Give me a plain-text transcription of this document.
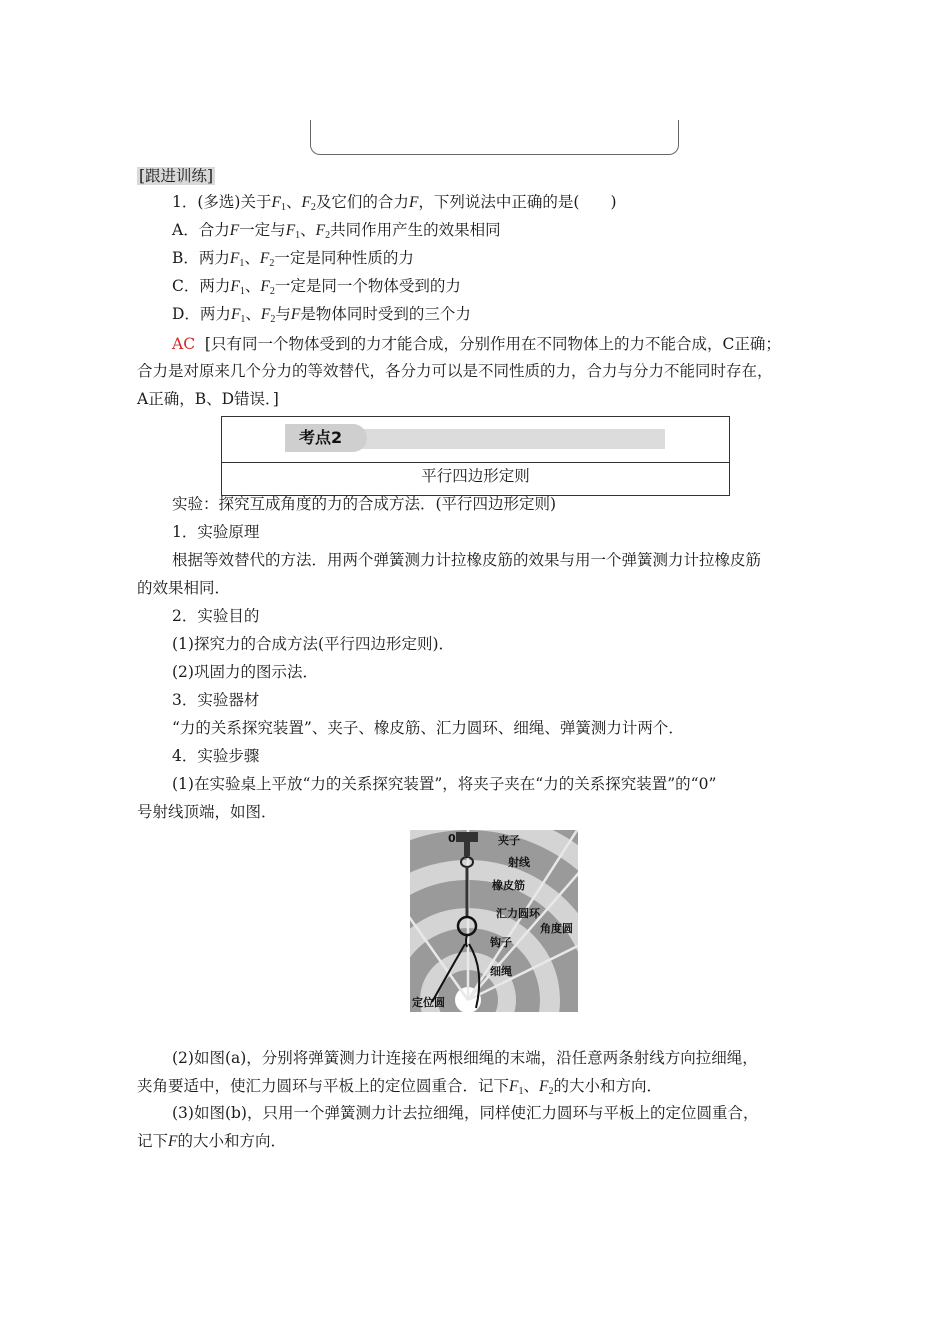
[跟进训练]
1．(多选)关于$F_1$、$F_2$及它们的合力F，下列说法中正确的是(　　)
A．合力F一定与$F_1$、$F_2$共同作用产生的效果相同
B．两力$F_1$、$F_2$一定是同种性质的力
C．两力$F_1$、$F_2$一定是同一个物体受到的力
D．两力$F_1$、$F_2$与F是物体同时受到的三个力
AC [只有同一个物体受到的力才能合成，分别作用在不同物体上的力不能合成，C正确；
合力是对原来几个分力的等效替代，各分力可以是不同性质的力，合力与分力不能同时存在，
A正确，B、D错误．]
考点2
平行四边形定则
实验：探究互成角度的力的合成方法．(平行四边形定则)
1．实验原理
根据等效替代的方法．用两个弹簧测力计拉橡皮筋的效果与用一个弹簧测力计拉橡皮筋
的效果相同．
2．实验目的
(1)探究力的合成方法(平行四边形定则)．
(2)巩固力的图示法．
3．实验器材
“力的关系探究装置”、夹子、橡皮筋、汇力圆环、细绳、弹簧测力计两个．
4．实验步骤
(1)在实验桌上平放“力的关系探究装置”，将夹子夹在“力的关系探究装置”的“0”
号射线顶端，如图．
0	夹子
射线
橡皮筋
汇力圆环
角度圆
钩子
细绳
定位圆
(2)如图(a)，分别将弹簧测力计连接在两根细绳的末端，沿任意两条射线方向拉细绳，
夹角要适中，使汇力圆环与平板上的定位圆重合．记下$F_1$、$F_2$的大小和方向．
(3)如图(b)，只用一个弹簧测力计去拉细绳，同样使汇力圆环与平板上的定位圆重合，
记下F的大小和方向．
